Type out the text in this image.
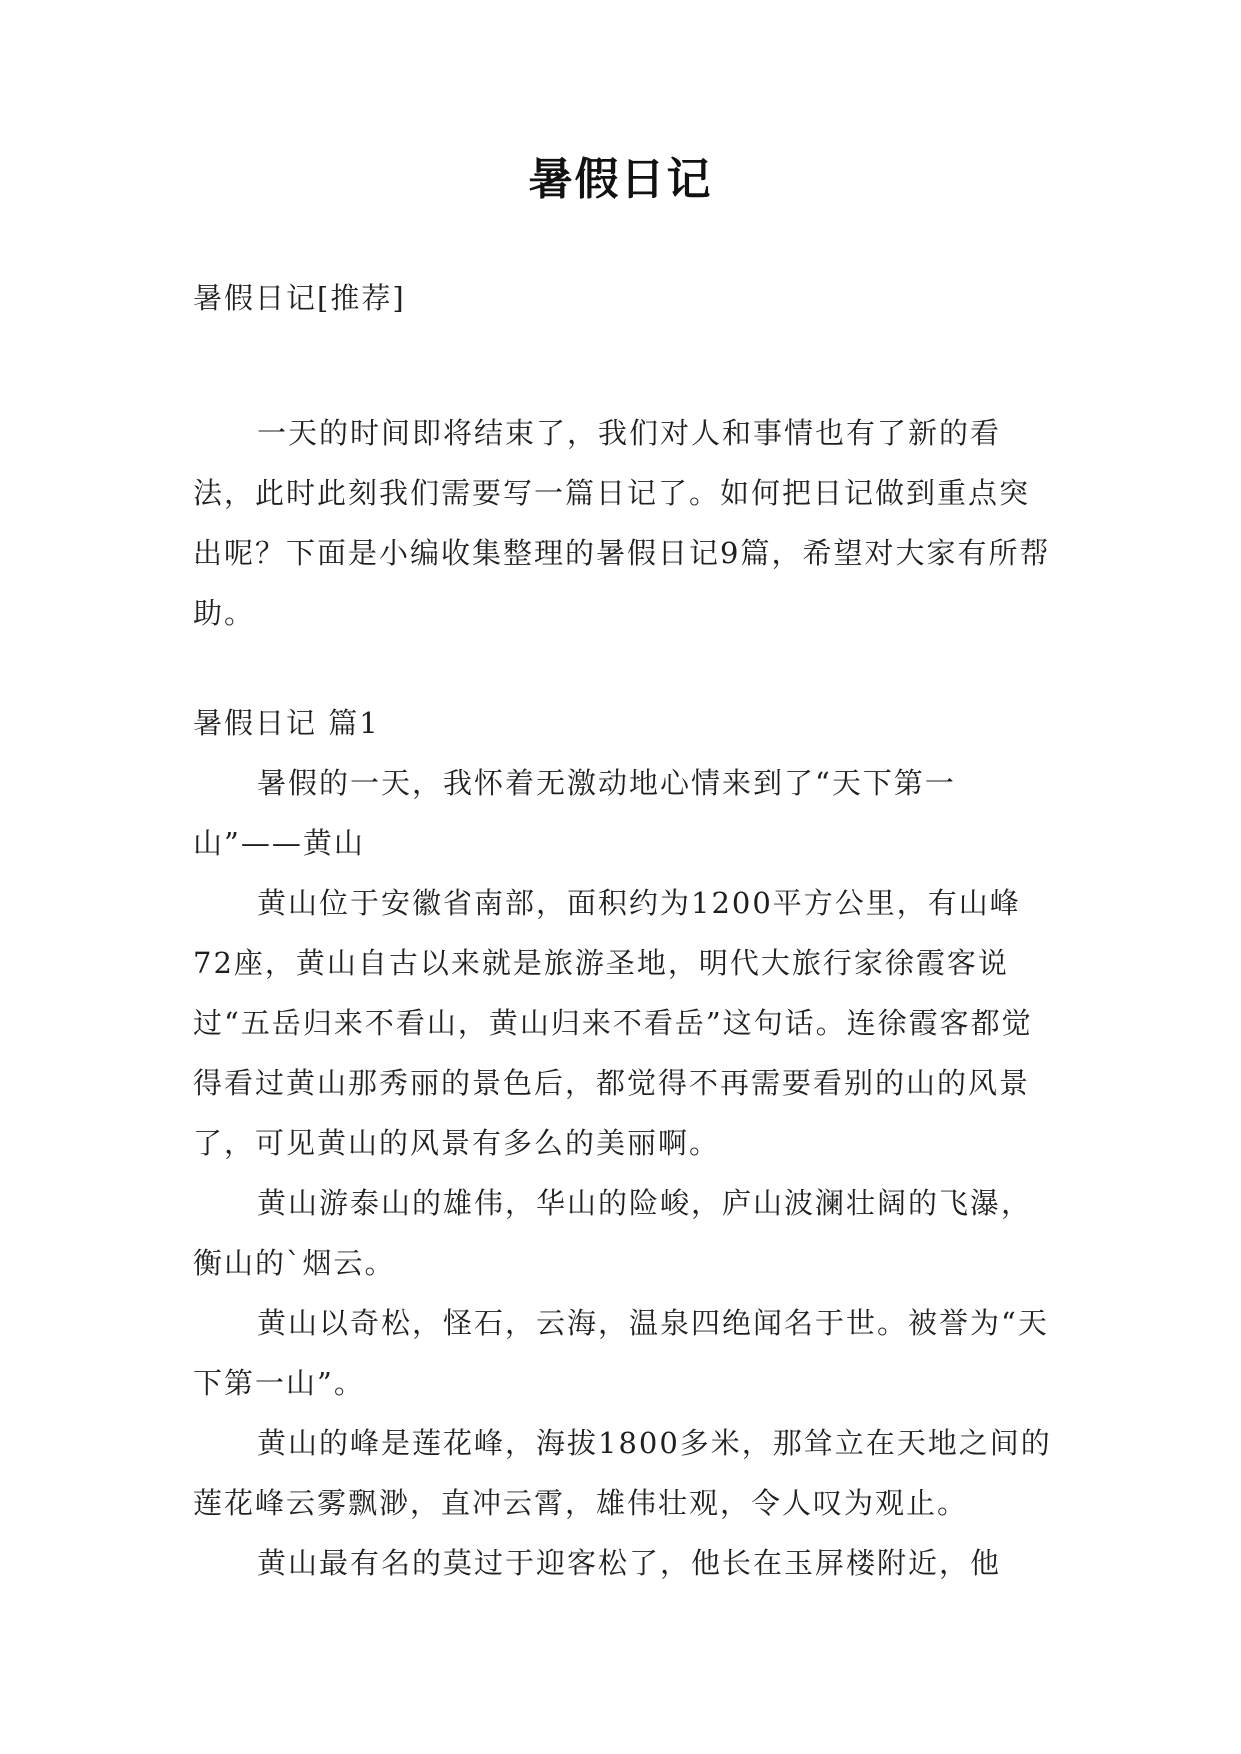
暑假日记
暑假日记[推荐]
一天的时间即将结束了，我们对人和事情也有了新的看法，此时此刻我们需要写一篇日记了。如何把日记做到重点突出呢？下面是小编收集整理的暑假日记9篇，希望对大家有所帮助。

暑假日记 篇1

暑假的一天，我怀着无激动地心情来到了“天下第一山”——黄山

黄山位于安徽省南部，面积约为1200平方公里，有山峰72座，黄山自古以来就是旅游圣地，明代大旅行家徐霞客说过“五岳归来不看山，黄山归来不看岳”这句话。连徐霞客都觉得看过黄山那秀丽的景色后，都觉得不再需要看别的山的风景了，可见黄山的风景有多么的美丽啊。

黄山游泰山的雄伟，华山的险峻，庐山波澜壮阔的飞瀑，衡山的`烟云。

黄山以奇松，怪石，云海，温泉四绝闻名于世。被誉为“天下第一山”。

黄山的峰是莲花峰，海拔1800多米，那耸立在天地之间的莲花峰云雾飘渺，直冲云霄，雄伟壮观，令人叹为观止。

黄山最有名的莫过于迎客松了，他长在玉屏楼附近，他
